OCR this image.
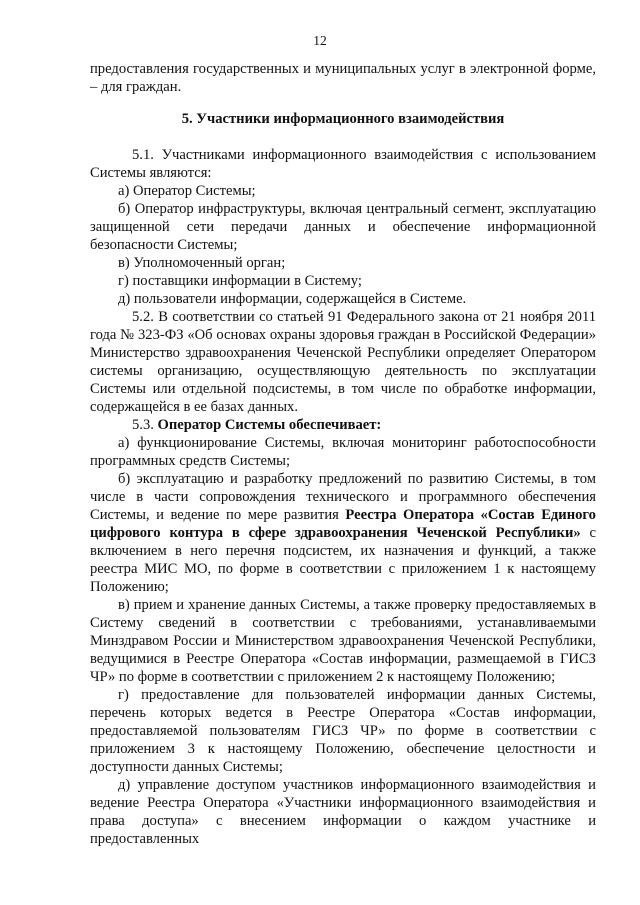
12

предоставления государственных и муниципальных услуг в электронной форме, – для граждан.

5. Участники информационного взаимодействия

5.1. Участниками информационного взаимодействия с использованием Системы являются:

а) Оператор Системы;

б) Оператор инфраструктуры, включая центральный сегмент, эксплуатацию защищенной сети передачи данных и обеспечение информационной безопасности Системы;

в) Уполномоченный орган;

г) поставщики информации в Систему;

д) пользователи информации, содержащейся в Системе.

5.2. В соответствии со статьей 91 Федерального закона от 21 ноября 2011 года № 323-ФЗ «Об основах охраны здоровья граждан в Российской Федерации» Министерство здравоохранения Чеченской Республики определяет Оператором системы организацию, осуществляющую деятельность по эксплуатации Системы или отдельной подсистемы, в том числе по обработке информации, содержащейся в ее базах данных.

5.3. Оператор Системы обеспечивает:

а) функционирование Системы, включая мониторинг работоспособности программных средств Системы;

б) эксплуатацию и разработку предложений по развитию Системы, в том числе в части сопровождения технического и программного обеспечения Системы, и ведение по мере развития Реестра Оператора «Состав Единого цифрового контура в сфере здравоохранения Чеченской Республики» с включением в него перечня подсистем, их назначения и функций, а также реестра МИС МО, по форме в соответствии с приложением 1 к настоящему Положению;

в) прием и хранение данных Системы, а также проверку предоставляемых в Систему сведений в соответствии с требованиями, устанавливаемыми Минздравом России и Министерством здравоохранения Чеченской Республики, ведущимися в Реестре Оператора «Состав информации, размещаемой в ГИСЗ ЧР» по форме в соответствии с приложением 2 к настоящему Положению;

г) предоставление для пользователей информации данных Системы, перечень которых ведется в Реестре Оператора «Состав информации, предоставляемой пользователям ГИСЗ ЧР» по форме в соответствии с приложением 3 к настоящему Положению, обеспечение целостности и доступности данных Системы;

д) управление доступом участников информационного взаимодействия и ведение Реестра Оператора «Участники информационного взаимодействия и права доступа» с внесением информации о каждом участнике и предоставленных
